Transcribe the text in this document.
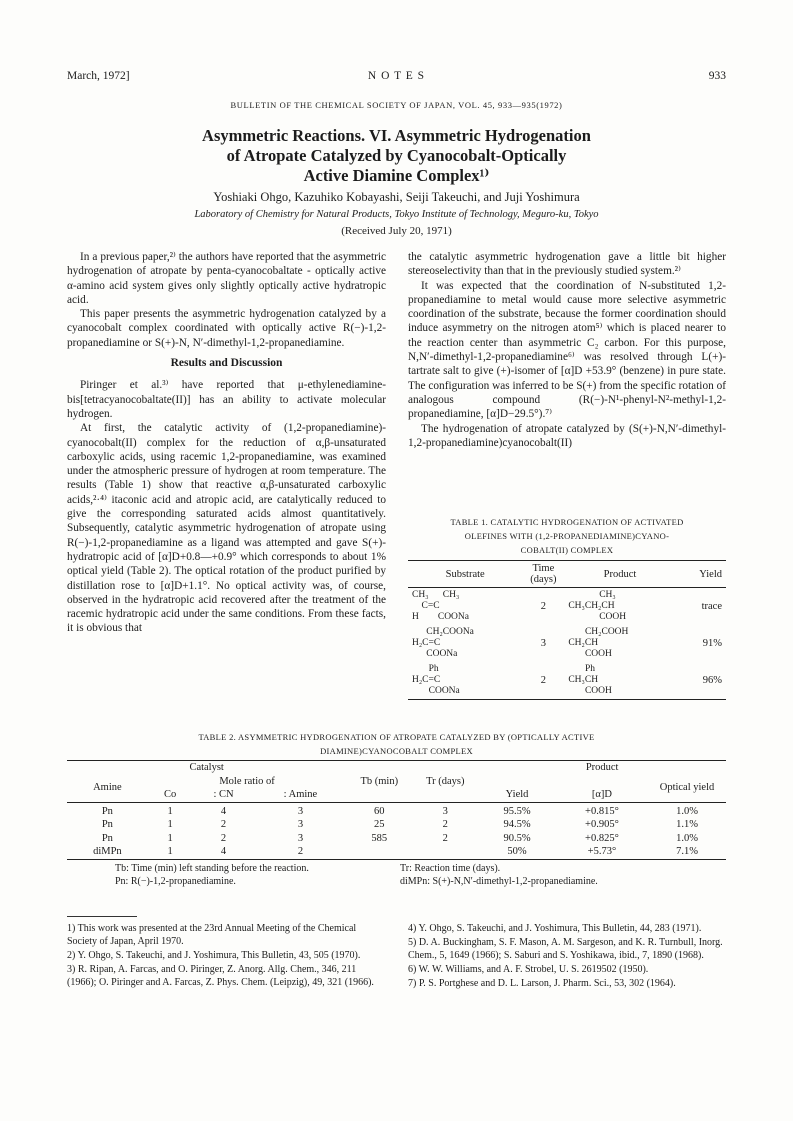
March, 1972]	N O T E S	933
BULLETIN OF THE CHEMICAL SOCIETY OF JAPAN, VOL. 45, 933—935(1972)
Asymmetric Reactions. VI. Asymmetric Hydrogenation
of Atropate Catalyzed by Cyanocobalt-Optically
Active Diamine Complex¹⁾
Yoshiaki Ohgo, Kazuhiko Kobayashi, Seiji Takeuchi, and Juji Yoshimura
Laboratory of Chemistry for Natural Products, Tokyo Institute of Technology, Meguro-ku, Tokyo
(Received July 20, 1971)

In a previous paper,²⁾ the authors have reported that the asymmetric hydrogenation of atropate by penta-cyanocobaltate - optically active α-amino acid system gives only slightly optically active hydratropic acid.

This paper presents the asymmetric hydrogenation catalyzed by a cyanocobalt complex coordinated with optically active R(−)-1,2-propanediamine or S(+)-N, N′-dimethyl-1,2-propanediamine.

Results and Discussion

Piringer et al.³⁾ have reported that μ-ethylenediamine-bis[tetracyanocobaltate(II)] has an ability to activate molecular hydrogen.

At first, the catalytic activity of (1,2-propanediamine)-cyanocobalt(II) complex for the reduction of α,β-unsaturated carboxylic acids, using racemic 1,2-propanediamine, was examined under the atmospheric pressure of hydrogen at room temperature. The results (Table 1) show that reactive α,β-unsaturated carboxylic acids,²·⁴⁾ itaconic acid and atropic acid, are catalytically reduced to give the corresponding saturated acids almost quantitatively. Subsequently, catalytic asymmetric hydrogenation of atropate using R(−)-1,2-propanediamine as a ligand was attempted and gave S(+)-hydratropic acid of [α]D+0.8—+0.9° which corresponds to about 1% optical yield (Table 2). The optical rotation of the product purified by distillation rose to [α]D+1.1°. No optical activity was, of course, observed in the hydratropic acid recovered after the treatment of the racemic hydratropic acid under the same conditions. From these facts, it is obvious that

the catalytic asymmetric hydrogenation gave a little bit higher stereoselectivity than that in the previously studied system.²⁾

It was expected that the coordination of N-substituted 1,2-propanediamine to metal would cause more selective asymmetric coordination of the substrate, because the former coordination should induce asymmetry on the nitrogen atom⁵⁾ which is placed nearer to the reaction center than asymmetric C₂ carbon. For this purpose, N,N′-dimethyl-1,2-propanediamine⁶⁾ was resolved through L(+)-tartrate salt to give (+)-isomer of [α]D +53.9° (benzene) in pure state. The configuration was inferred to be S(+) from the specific rotation of analogous compound (R(−)-N¹-phenyl-N²-methyl-1,2-propanediamine, [α]D−29.5°).⁷⁾

The hydrogenation of atropate catalyzed by (S(+)-N,N′-dimethyl-1,2-propanediamine)cyanocobalt(II)

TABLE 1. CATALYTIC HYDROGENATION OF ACTIVATED
OLEFINES WITH (1,2-PROPANEDIAMINE)CYANO-
COBALT(II) COMPLEX
Substrate	Time (days)	Product	Yield
CH₃      CH₃
C=C
H        COONa	2	CH₃
CH₃CH₂CH
COOH	trace
CH₂COONa
H₂C=C
COONa	3	CH₂COOH
CH₂CH
COOH	91%
Ph
H₂C=C
COONa	2	Ph
CH₃CH
COOH	96%
TABLE 2. ASYMMETRIC HYDROGENATION OF ATROPATE CATALYZED BY (OPTICALLY ACTIVE
DIAMINE)CYANOCOBALT COMPLEX
Catalyst						Product		
Amine	Mole ratio of			Tb (min)	Tr (days)	Yield	[α]D	Optical yield
	Co	: CN	: Amine					
Pn	1	4	3	60	3	95.5%	+0.815°	1.0%
Pn	1	2	3	25	2	94.5%	+0.905°	1.1%
Pn	1	2	3	585	2	90.5%	+0.825°	1.0%
diMPn	1	4	2			50%	+5.73°	7.1%
Tb: Time (min) left standing before the reaction.
Pn: R(−)-1,2-propanediamine.
Tr: Reaction time (days).
diMPn: S(+)-N,N′-dimethyl-1,2-propanediamine.
1) This work was presented at the 23rd Annual Meeting of the Chemical Society of Japan, April 1970.
2) Y. Ohgo, S. Takeuchi, and J. Yoshimura, This Bulletin, 43, 505 (1970).
3) R. Ripan, A. Farcas, and O. Piringer, Z. Anorg. Allg. Chem., 346, 211 (1966); O. Piringer and A. Farcas, Z. Phys. Chem. (Leipzig), 49, 321 (1966).
4) Y. Ohgo, S. Takeuchi, and J. Yoshimura, This Bulletin, 44, 283 (1971).
5) D. A. Buckingham, S. F. Mason, A. M. Sargeson, and K. R. Turnbull, Inorg. Chem., 5, 1649 (1966); S. Saburi and S. Yoshikawa, ibid., 7, 1890 (1968).
6) W. W. Williams, and A. F. Strobel, U. S. 2619502 (1950).
7) P. S. Portghese and D. L. Larson, J. Pharm. Sci., 53, 302 (1964).
